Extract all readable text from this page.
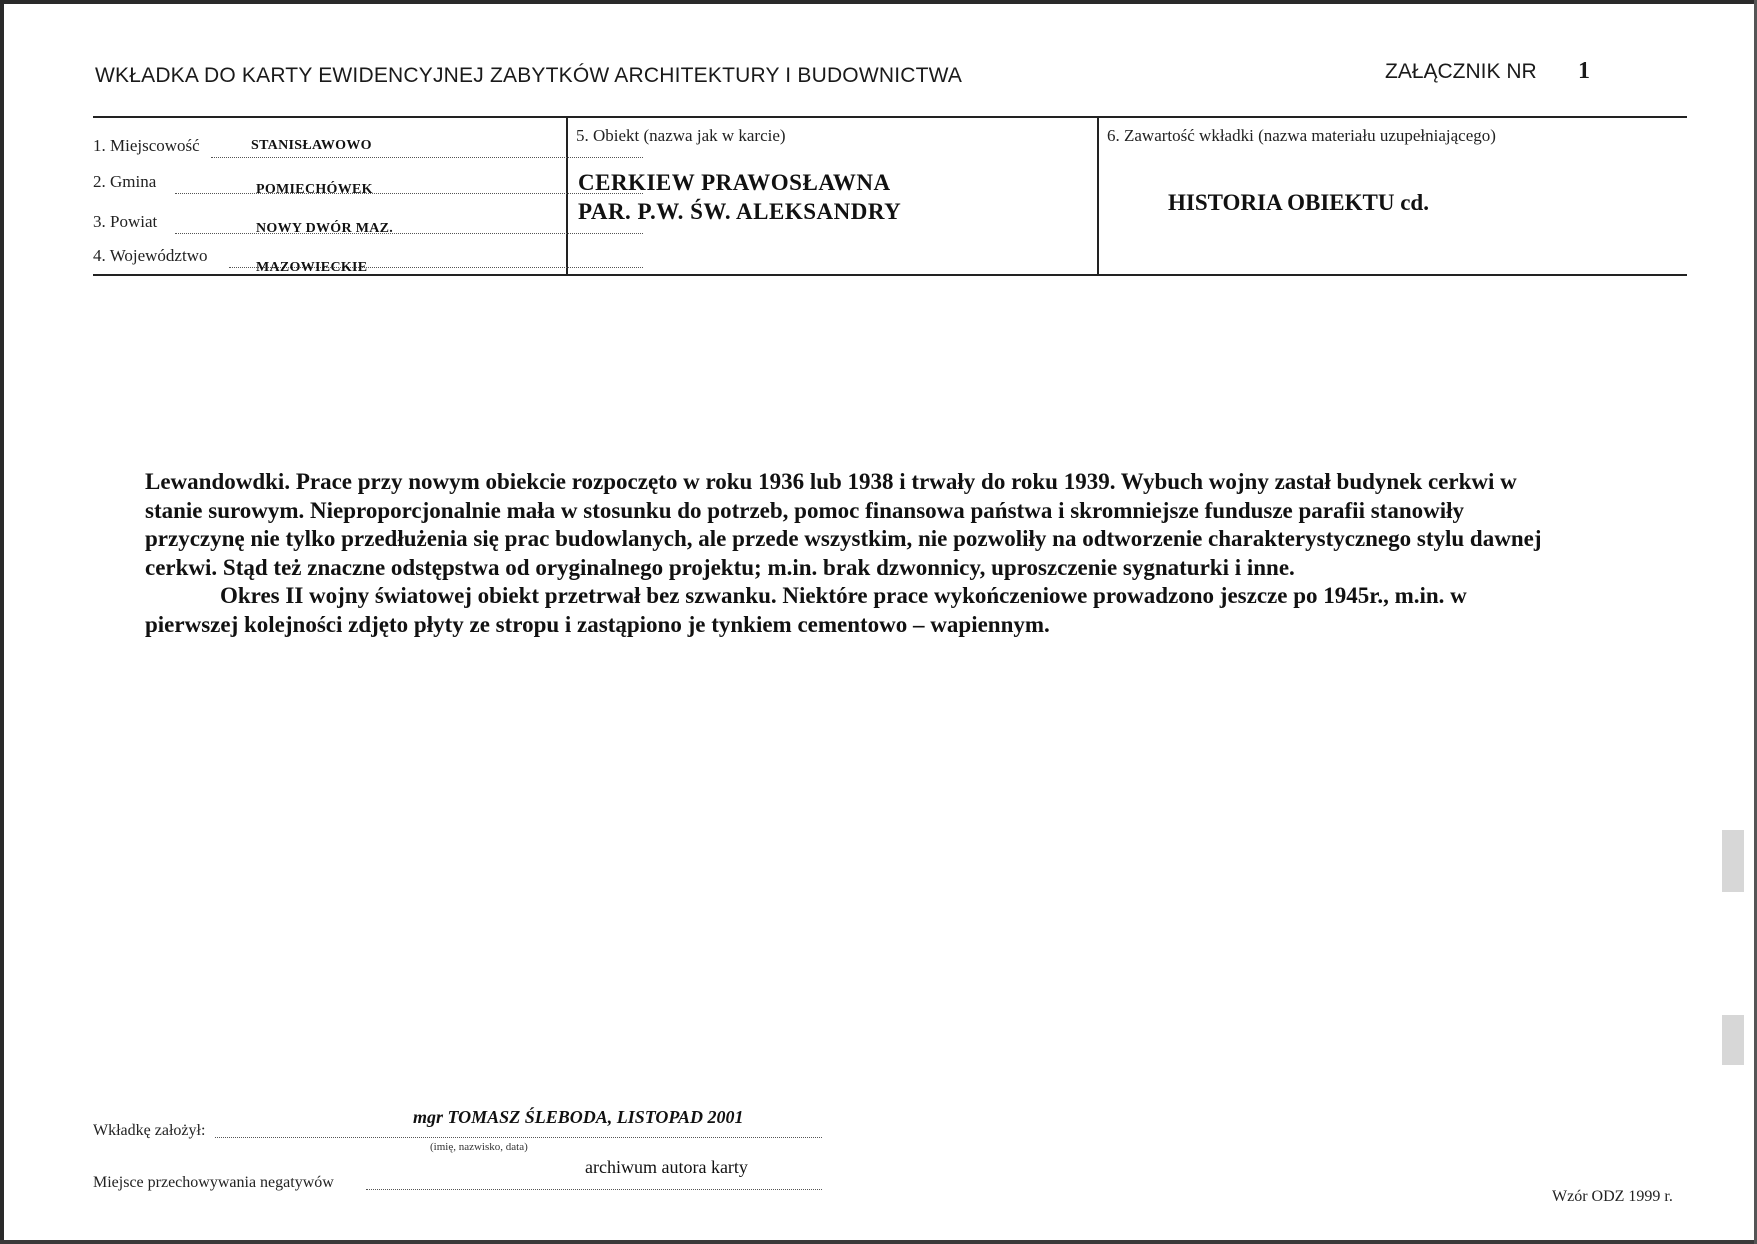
WKŁADKA DO KARTY EWIDENCYJNEJ ZABYTKÓW ARCHITEKTURY I BUDOWNICTWA	ZAŁĄCZNIK NR 1
1. Miejscowość	STANISŁAWOWO
2. Gmina	POMIECHÓWEK
3. Powiat	NOWY DWÓR MAZ.
4. Województwo
MAZOWIECKIE
5. Obiekt (nazwa jak w karcie)
CERKIEW PRAWOSŁAWNA
PAR. P.W. ŚW. ALEKSANDRY
6. Zawartość wkładki (nazwa materiału uzupełniającego)
HISTORIA OBIEKTU cd.

Lewandowdki. Prace przy nowym obiekcie rozpoczęto w roku 1936 lub 1938 i trwały do roku 1939. Wybuch wojny zastał budynek cerkwi w stanie surowym. Nieproporcjonalnie mała w stosunku do potrzeb, pomoc finansowa państwa i skromniejsze fundusze parafii stanowiły przyczynę nie tylko przedłużenia się prac budowlanych, ale przede wszystkim, nie pozwoliły na odtworzenie charakterystycznego stylu dawnej cerkwi. Stąd też znaczne odstępstwa od oryginalnego projektu; m.in. brak dzwonnicy, uproszczenie sygnaturki i inne.

Okres II wojny światowej obiekt przetrwał bez szwanku. Niektóre prace wykończeniowe prowadzono jeszcze po 1945r., m.in. w pierwszej kolejności zdjęto płyty ze stropu i zastąpiono je tynkiem cementowo – wapiennym.

Wkładkę założył:
mgr TOMASZ ŚLEBODA, LISTOPAD 2001
(imię, nazwisko, data)
Miejsce przechowywania negatywów
archiwum autora karty
Wzór ODZ 1999 r.
